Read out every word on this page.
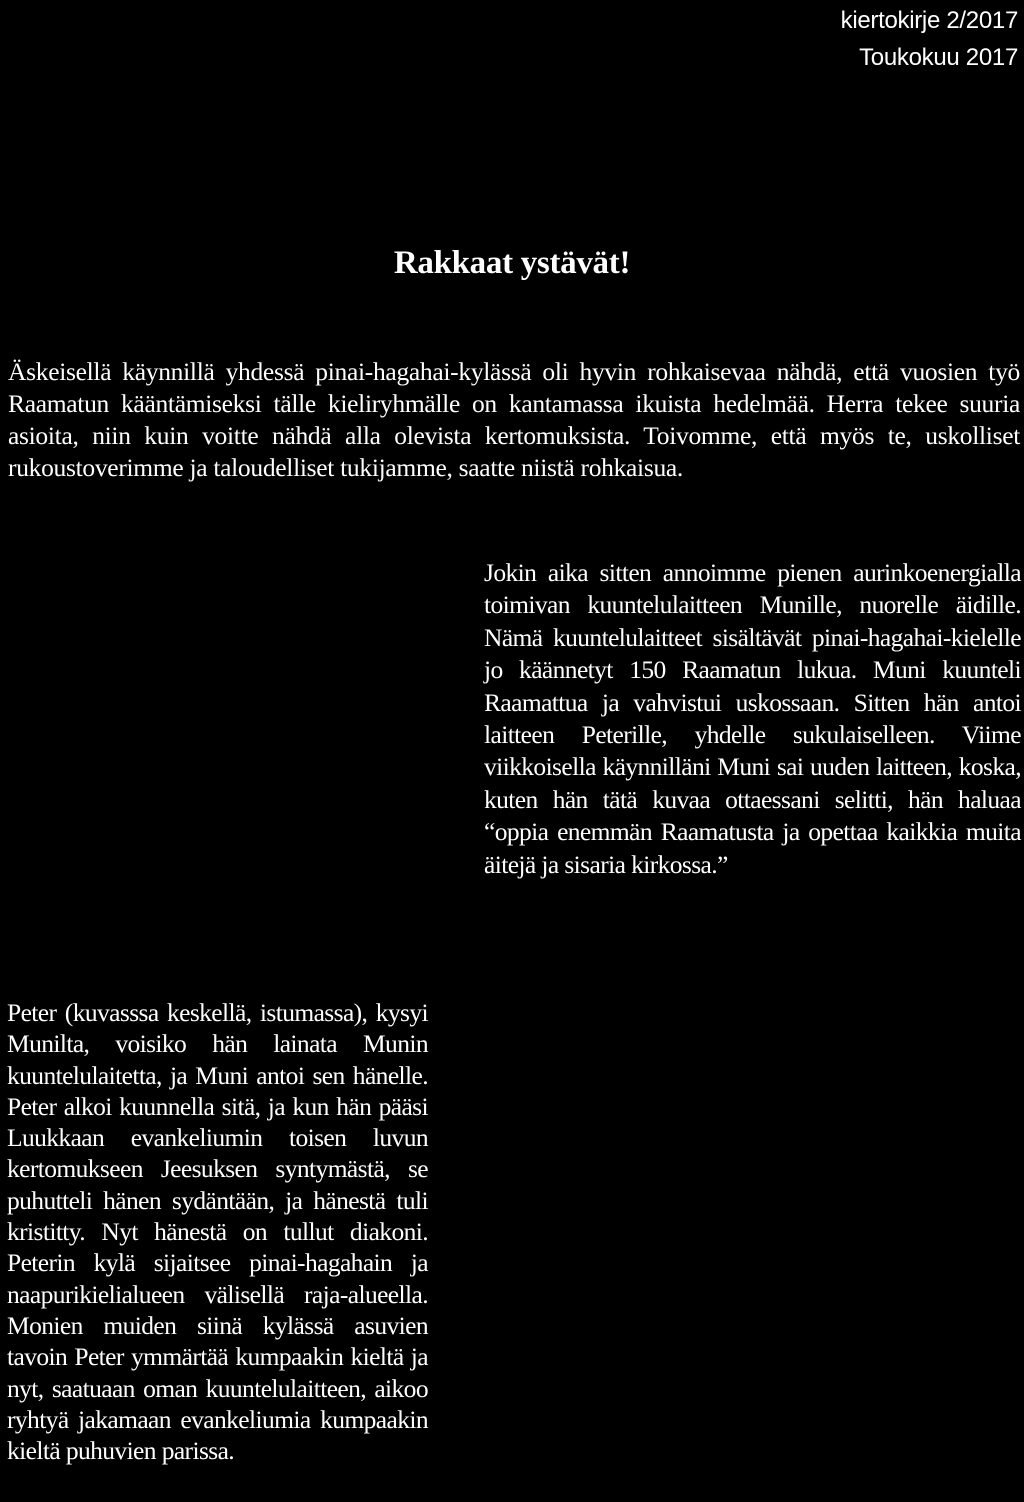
kiertokirje 2/2017
Toukokuu 2017
Rakkaat ystävät!

Äskeisellä käynnillä yhdessä pinai-hagahai-kylässä oli hyvin rohkaisevaa nähdä, että vuosien työ Raamatun kääntämiseksi tälle kieliryhmälle on kantamassa ikuista hedelmää. Herra tekee suuria asioita, niin kuin voitte nähdä alla olevista kertomuksista. Toivomme, että myös te, uskolliset rukoustoverimme ja taloudelliset tukijamme, saatte niistä rohkaisua.

Jokin aika sitten annoimme pienen aurinkoenergialla toimivan kuuntelulaitteen Munille, nuorelle äidille. Nämä kuuntelulaitteet sisältävät pinai-hagahai-kielelle jo käännetyt 150 Raamatun lukua. Muni kuunteli Raamattua ja vahvistui uskossaan. Sitten hän antoi laitteen Peterille, yhdelle sukulaiselleen. Viime viikkoisella käynnilläni Muni sai uuden laitteen, koska, kuten hän tätä kuvaa ottaessani selitti, hän haluaa “oppia enemmän Raamatusta ja opettaa kaikkia muita äitejä ja sisaria kirkossa.”

Peter (kuvasssa keskellä, istumassa), kysyi Munilta, voisiko hän lainata Munin kuuntelulaitetta, ja Muni antoi sen hänelle. Peter alkoi kuunnella sitä, ja kun hän pääsi Luukkaan evankeliumin toisen luvun kertomukseen Jeesuksen syntymästä, se puhutteli hänen sydäntään, ja hänestä tuli kristitty. Nyt hänestä on tullut diakoni. Peterin kylä sijaitsee pinai-hagahain ja naapurikielialueen välisellä raja-alueella. Monien muiden siinä kylässä asuvien tavoin Peter ymmärtää kumpaakin kieltä ja nyt, saatuaan oman kuuntelulaitteen, aikoo ryhtyä jakamaan evankeliumia kumpaakin kieltä puhuvien parissa.
